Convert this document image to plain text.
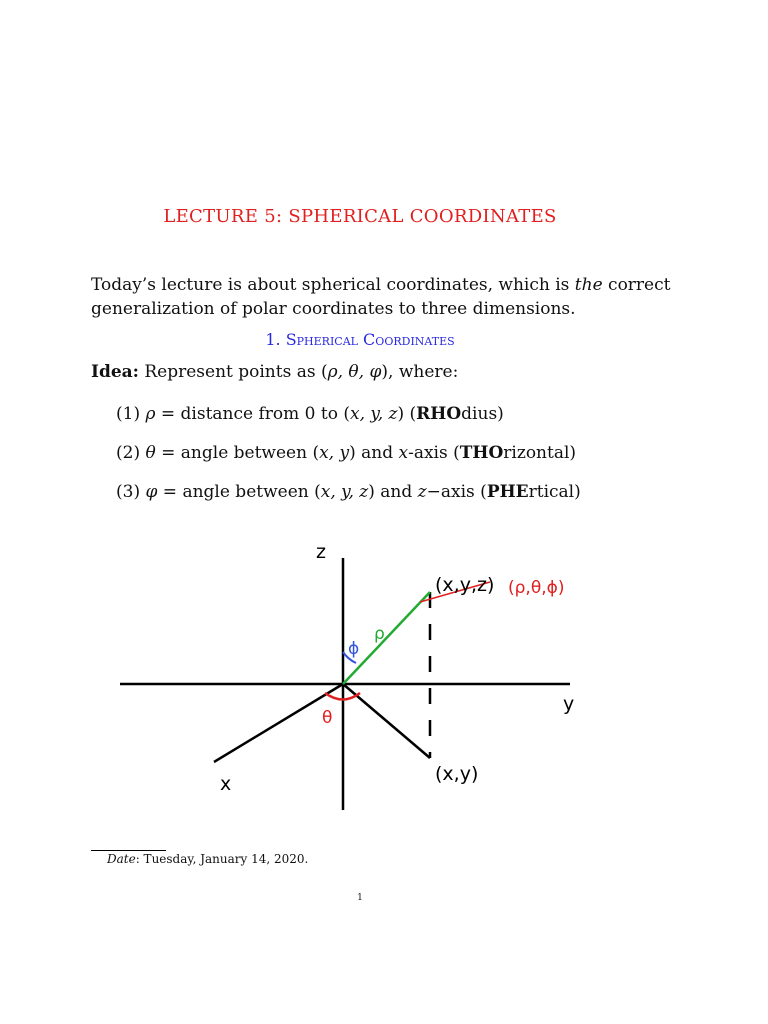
LECTURE 5: SPHERICAL COORDINATES
Today’s lecture is about spherical coordinates, which is the correct
generalization of polar coordinates to three dimensions.
1. Spherical Coordinates
Idea: Represent points as (ρ, θ, φ), where:
(1) ρ = distance from 0 to (x, y, z) (RHOdius)
(2) θ = angle between (x, y) and x-axis (THOrizontal)
(3) φ = angle between (x, y, z) and z−axis (PHErtical)
z
y
x
(x,y,z) (ρ,θ,ϕ)
ρ
ϕ
θ
(x,y)
Date: Tuesday, January 14, 2020.
1
